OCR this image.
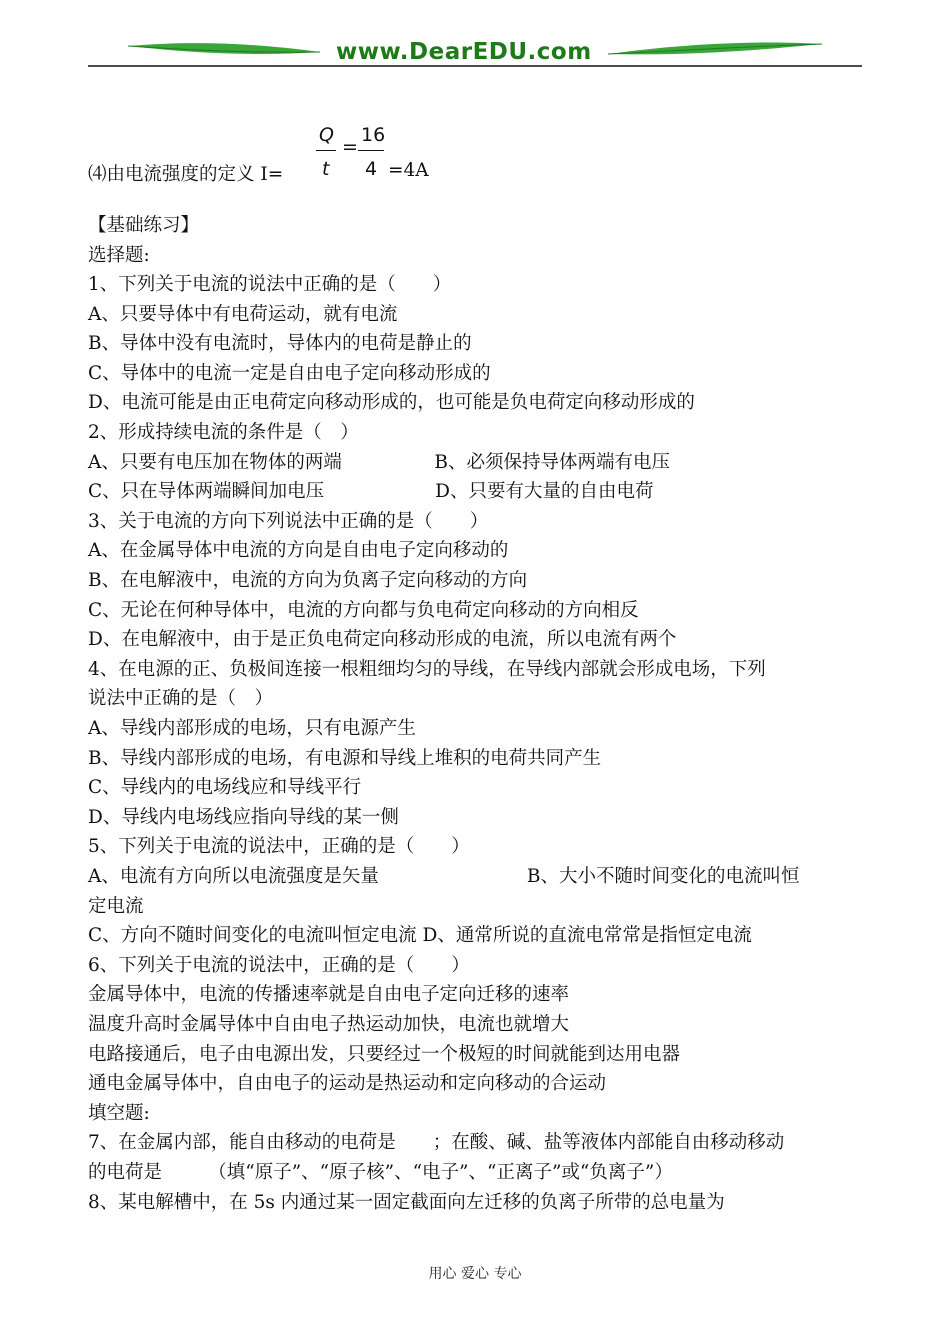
www.DearEDU.com
⑷由电流强度的定义 I=
Q
t
=
16
4 =4A
【基础练习】
选择题:
1、下列关于电流的说法中正确的是（　　）
A、只要导体中有电荷运动，就有电流
B、导体中没有电流时，导体内的电荷是静止的
C、导体中的电流一定是自由电子定向移动形成的
D、电流可能是由正电荷定向移动形成的，也可能是负电荷定向移动形成的
2、形成持续电流的条件是（　）
A、只要有电压加在物体的两端　　　　　B、必须保持导体两端有电压
C、只在导体两端瞬间加电压　　　　　　D、只要有大量的自由电荷
3、关于电流的方向下列说法中正确的是（　　）
A、在金属导体中电流的方向是自由电子定向移动的
B、在电解液中，电流的方向为负离子定向移动的方向
C、无论在何种导体中，电流的方向都与负电荷定向移动的方向相反
D、在电解液中，由于是正负电荷定向移动形成的电流，所以电流有两个
4、在电源的正、负极间连接一根粗细均匀的导线，在导线内部就会形成电场，下列
说法中正确的是（　）
A、导线内部形成的电场，只有电源产生
B、导线内部形成的电场，有电源和导线上堆积的电荷共同产生
C、导线内的电场线应和导线平行
D、导线内电场线应指向导线的某一侧
5、下列关于电流的说法中，正确的是（　　）
A、电流有方向所以电流强度是矢量　　　　　　　　B、大小不随时间变化的电流叫恒
定电流
C、方向不随时间变化的电流叫恒定电流 D、通常所说的直流电常常是指恒定电流
6、下列关于电流的说法中，正确的是（　　）
金属导体中，电流的传播速率就是自由电子定向迁移的速率
温度升高时金属导体中自由电子热运动加快，电流也就增大
电路接通后，电子由电源出发，只要经过一个极短的时间就能到达用电器
通电金属导体中，自由电子的运动是热运动和定向移动的合运动
填空题:
7、在金属内部，能自由移动的电荷是　　；在酸、碱、盐等液体内部能自由移动移动
的电荷是　　　（填“原子”、“原子核”、“电子”、“正离子”或“负离子”）
8、某电解槽中，在 5s 内通过某一固定截面向左迁移的负离子所带的总电量为
用心 爱心 专心
